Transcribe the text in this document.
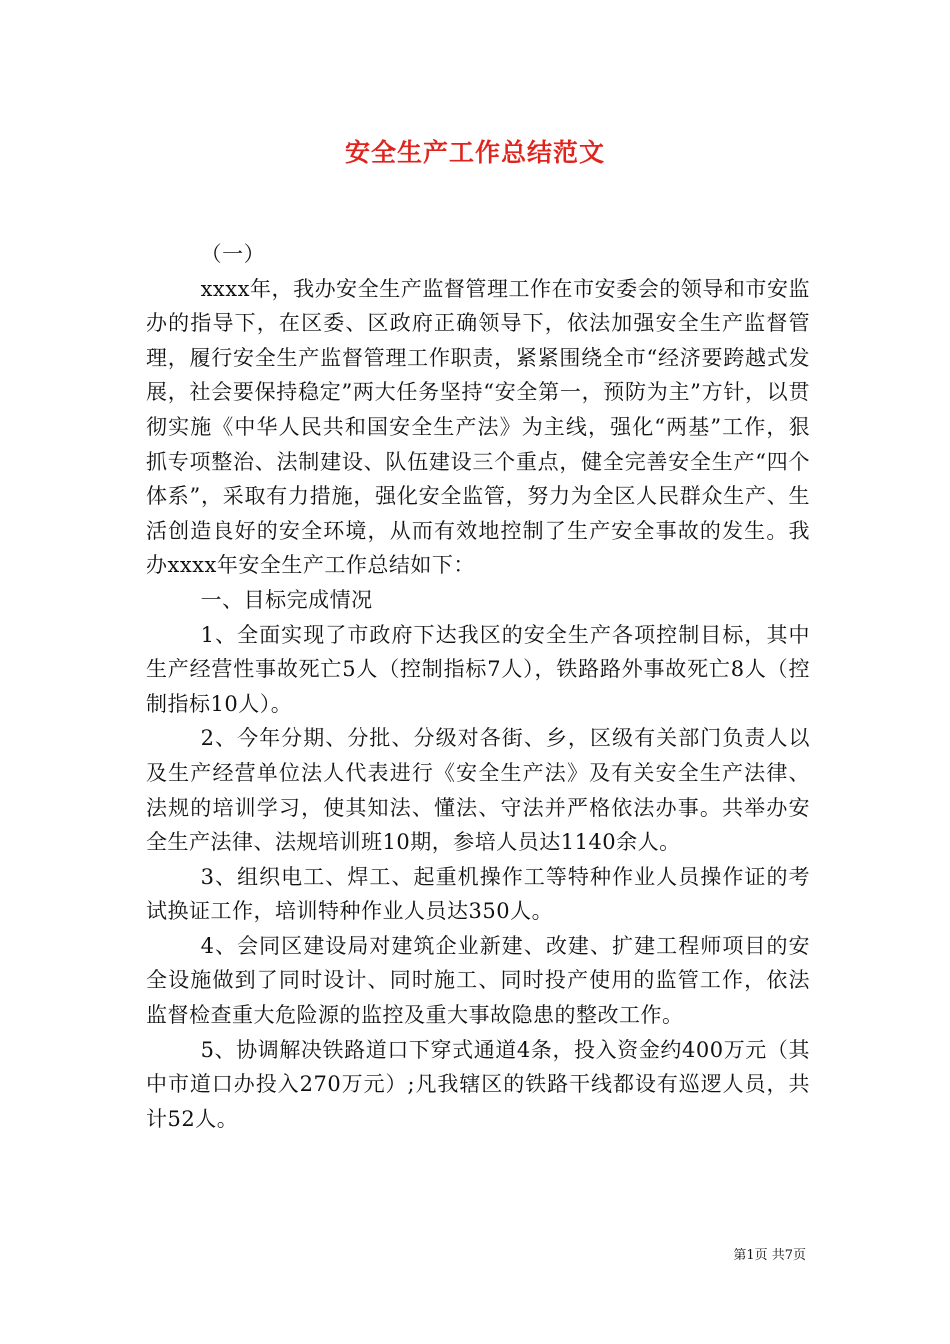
安全生产工作总结范文

（一）

xxxx年，我办安全生产监督管理工作在市安委会的领导和市安监办的指导下，在区委、区政府正确领导下，依法加强安全生产监督管理，履行安全生产监督管理工作职责，紧紧围绕全市“经济要跨越式发展，社会要保持稳定”两大任务坚持“安全第一，预防为主”方针，以贯彻实施《中华人民共和国安全生产法》为主线，强化“两基”工作，狠抓专项整治、法制建设、队伍建设三个重点，健全完善安全生产“四个体系”，采取有力措施，强化安全监管，努力为全区人民群众生产、生活创造良好的安全环境，从而有效地控制了生产安全事故的发生。我办xxxx年安全生产工作总结如下：

一、目标完成情况

1、全面实现了市政府下达我区的安全生产各项控制目标，其中生产经营性事故死亡5人（控制指标7人），铁路路外事故死亡8人（控制指标10人）。

2、今年分期、分批、分级对各街、乡，区级有关部门负责人以及生产经营单位法人代表进行《安全生产法》及有关安全生产法律、法规的培训学习，使其知法、懂法、守法并严格依法办事。共举办安全生产法律、法规培训班10期，参培人员达1140余人。

3、组织电工、焊工、起重机操作工等特种作业人员操作证的考试换证工作，培训特种作业人员达350人。

4、会同区建设局对建筑企业新建、改建、扩建工程师项目的安全设施做到了同时设计、同时施工、同时投产使用的监管工作，依法监督检查重大危险源的监控及重大事故隐患的整改工作。

5、协调解决铁路道口下穿式通道4条，投入资金约400万元（其中市道口办投入270万元）;凡我辖区的铁路干线都设有巡逻人员，共计52人。

第1页 共7页
